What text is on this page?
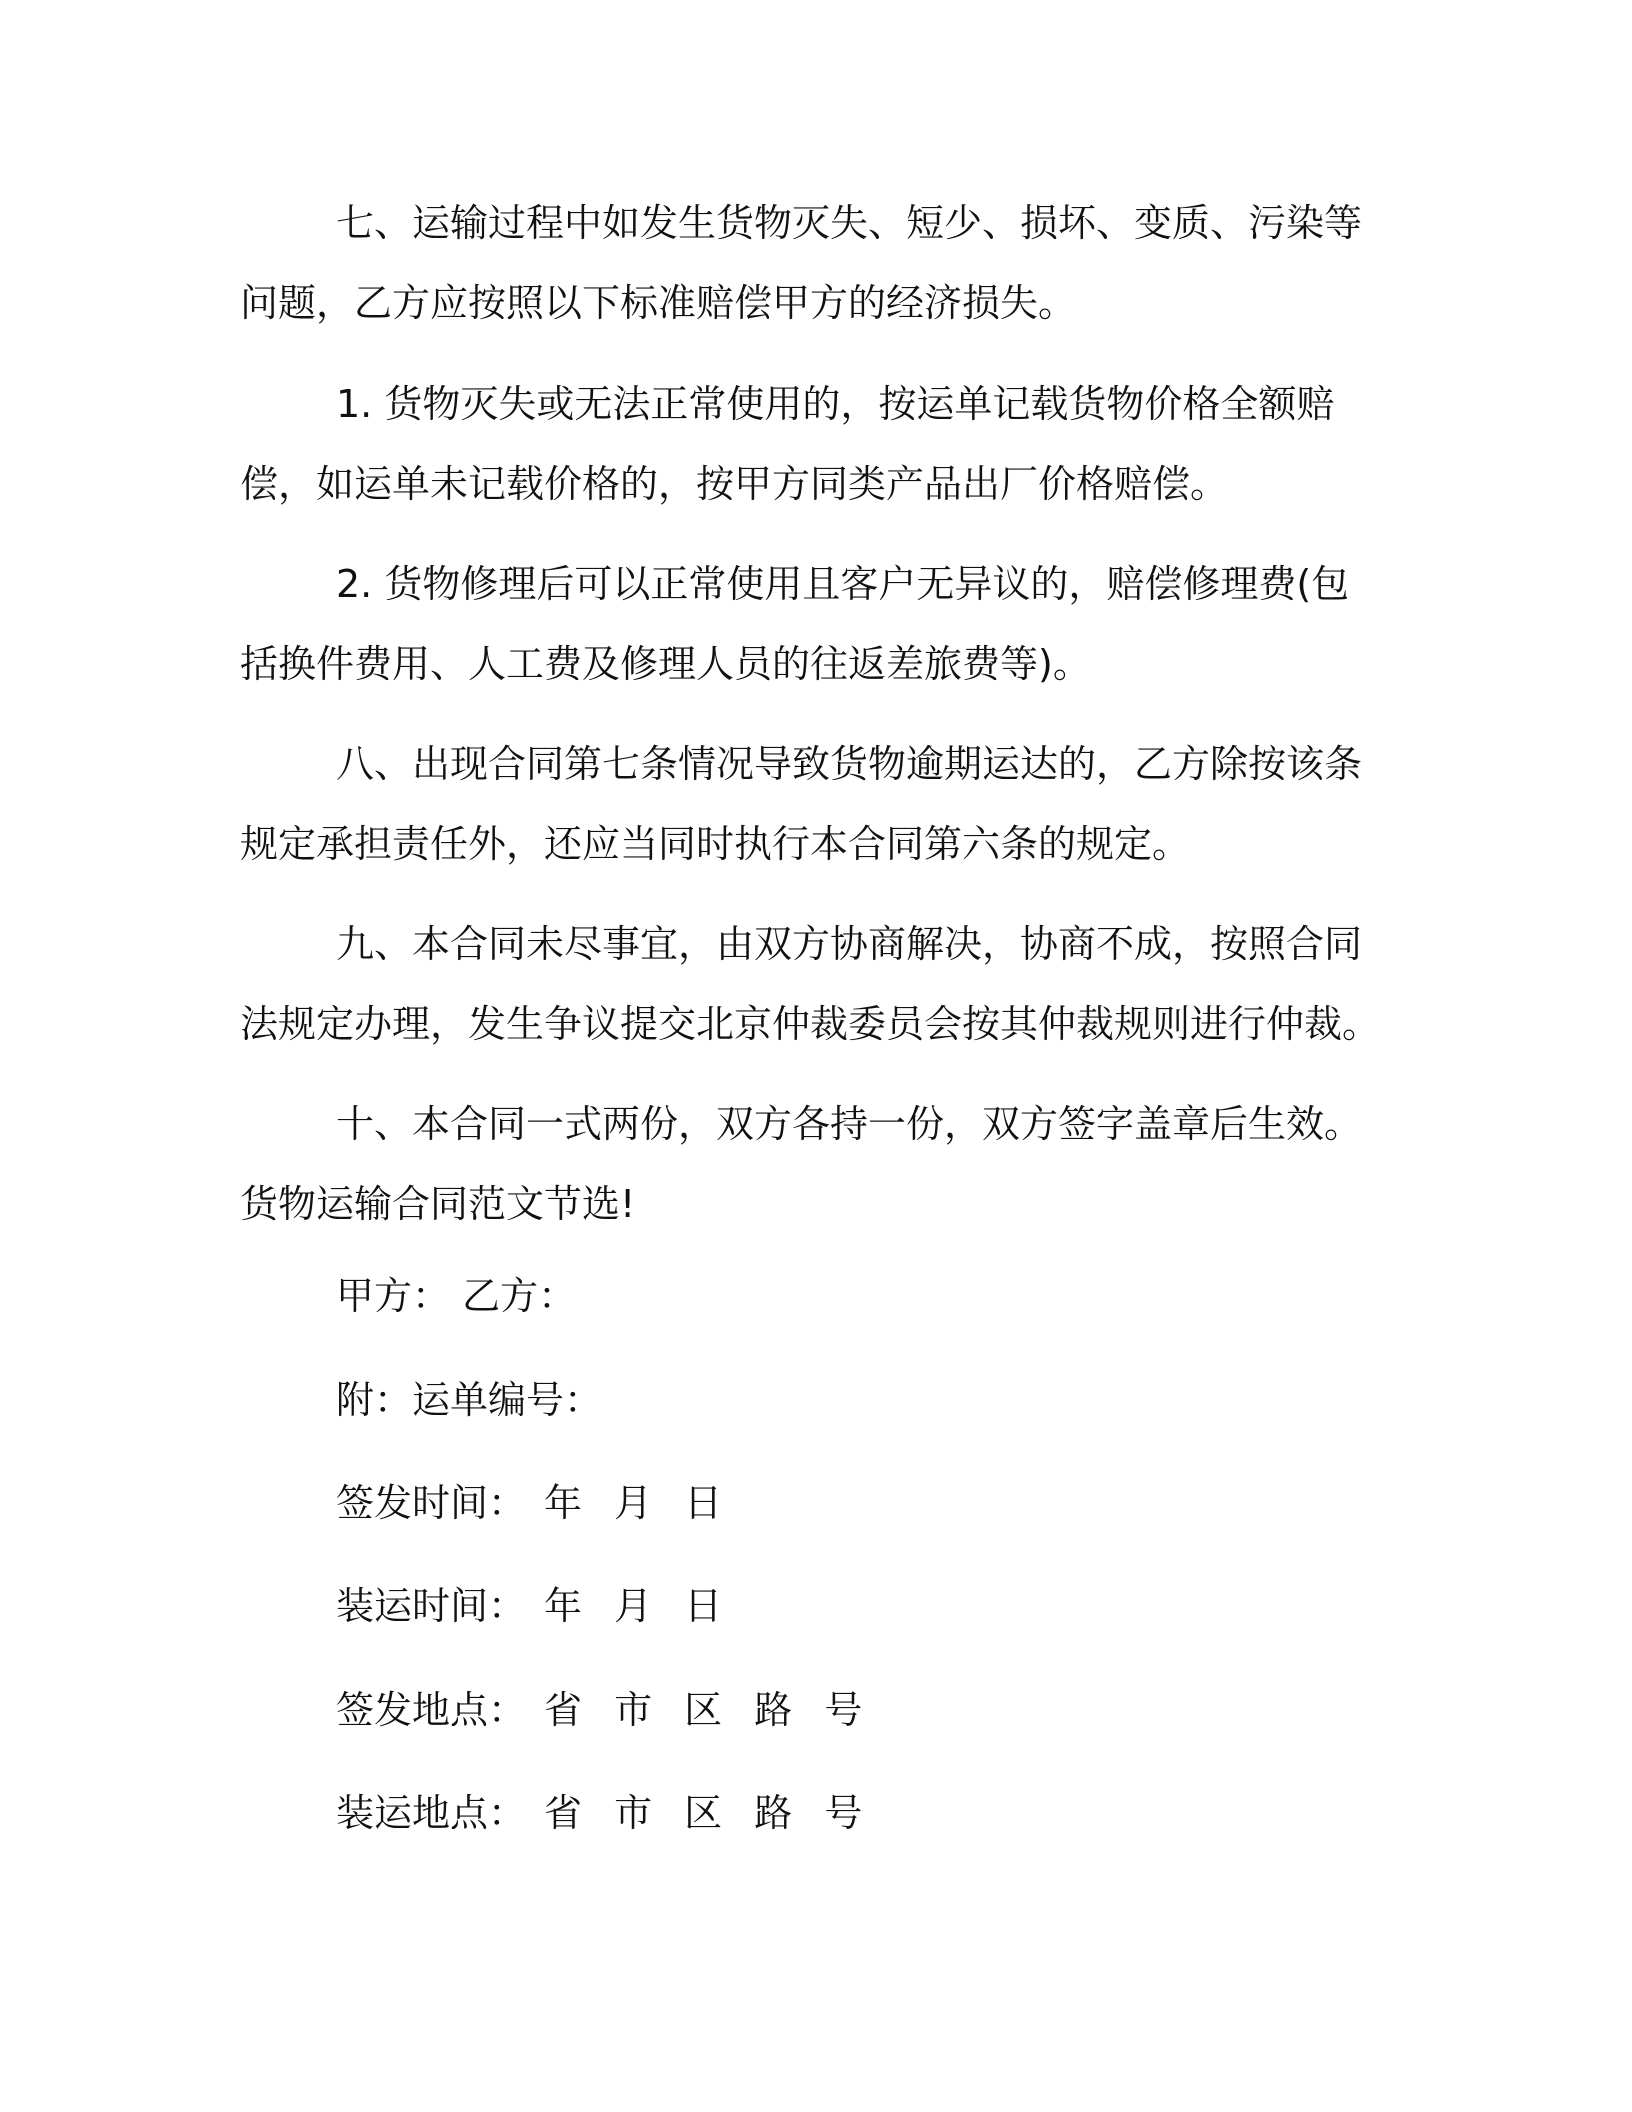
七、运输过程中如发生货物灭失、短少、损坏、变质、污染等问题，乙方应按照以下标准赔偿甲方的经济损失。

1. 货物灭失或无法正常使用的，按运单记载货物价格全额赔偿，如运单未记载价格的，按甲方同类产品出厂价格赔偿。

2. 货物修理后可以正常使用且客户无异议的，赔偿修理费(包括换件费用、人工费及修理人员的往返差旅费等)。

八、出现合同第七条情况导致货物逾期运达的，乙方除按该条规定承担责任外，还应当同时执行本合同第六条的规定。

九、本合同未尽事宜，由双方协商解决，协商不成，按照合同法规定办理，发生争议提交北京仲裁委员会按其仲裁规则进行仲裁。

十、本合同一式两份，双方各持一份，双方签字盖章后生效。货物运输合同范文节选!

甲方： 乙方：

附：运单编号：

签发时间： 年 月 日

装运时间： 年 月 日

签发地点： 省 市 区 路 号

装运地点： 省 市 区 路 号
